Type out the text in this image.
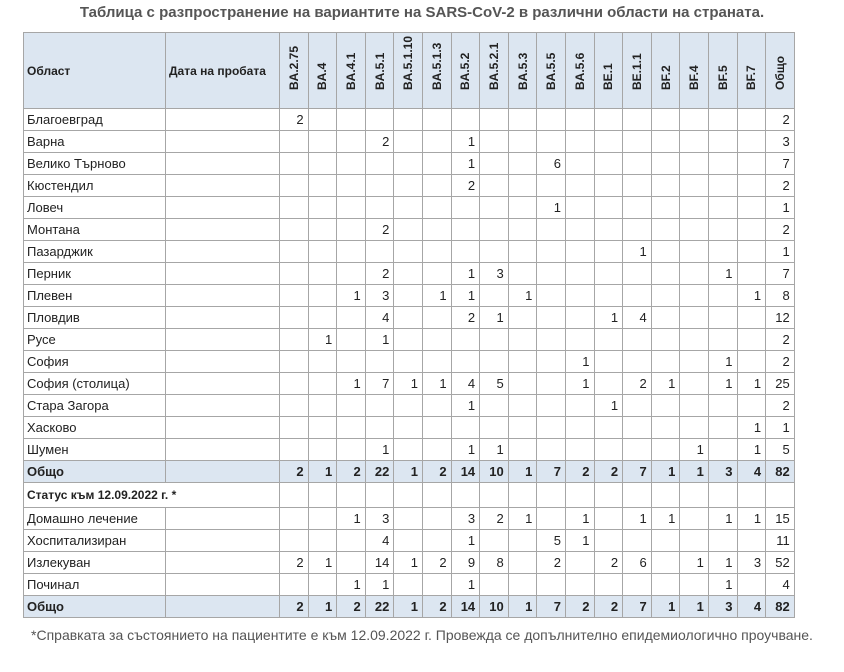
Таблица с разпространение на вариантите на SARS-CoV-2 в различни области на страната.
Област	Дата на пробата	BA.2.75	BA.4	BA.4.1	BA.5.1	BA.5.1.10	BA.5.1.3	BA.5.2	BA.5.2.1	BA.5.3	BA.5.5	BA.5.6	BE.1	BE.1.1	BF.2	BF.4	BF.5	BF.7	Общо

Благоевград		2																	2
Варна					2			1											3
Велико Търново								1			6								7
Кюстендил								2											2
Ловеч											1								1
Монтана					2														2
Пазарджик														1					1
Перник					2			1	3								1		7
Плевен				1	3		1	1		1								1	8
Пловдив					4			2	1				1	4					12
Русе			1		1														2
София												1					1		2
София (столица)				1	7	1	1	4	5			1		2	1		1	1	25
Стара Загора								1					1						2
Хасково																		1	1
Шумен					1			1	1							1		1	5
Общо		2	1	2	22	1	2	14	10	1	7	2	2	7	1	1	3	4	82
Статус към 12.09.2022 г. *																			
Домашно лечение				1	3			3	2	1		1		1	1		1	1	15
Хоспитализиран					4			1			5	1							11
Излекуван		2	1		14	1	2	9	8		2		2	6		1	1	3	52
Починал				1	1			1									1		4
Общо		2	1	2	22	1	2	14	10	1	7	2	2	7	1	1	3	4	82
*Справката за състоянието на пациентите е към 12.09.2022 г. Провежда се допълнително епидемиологично проучване.
